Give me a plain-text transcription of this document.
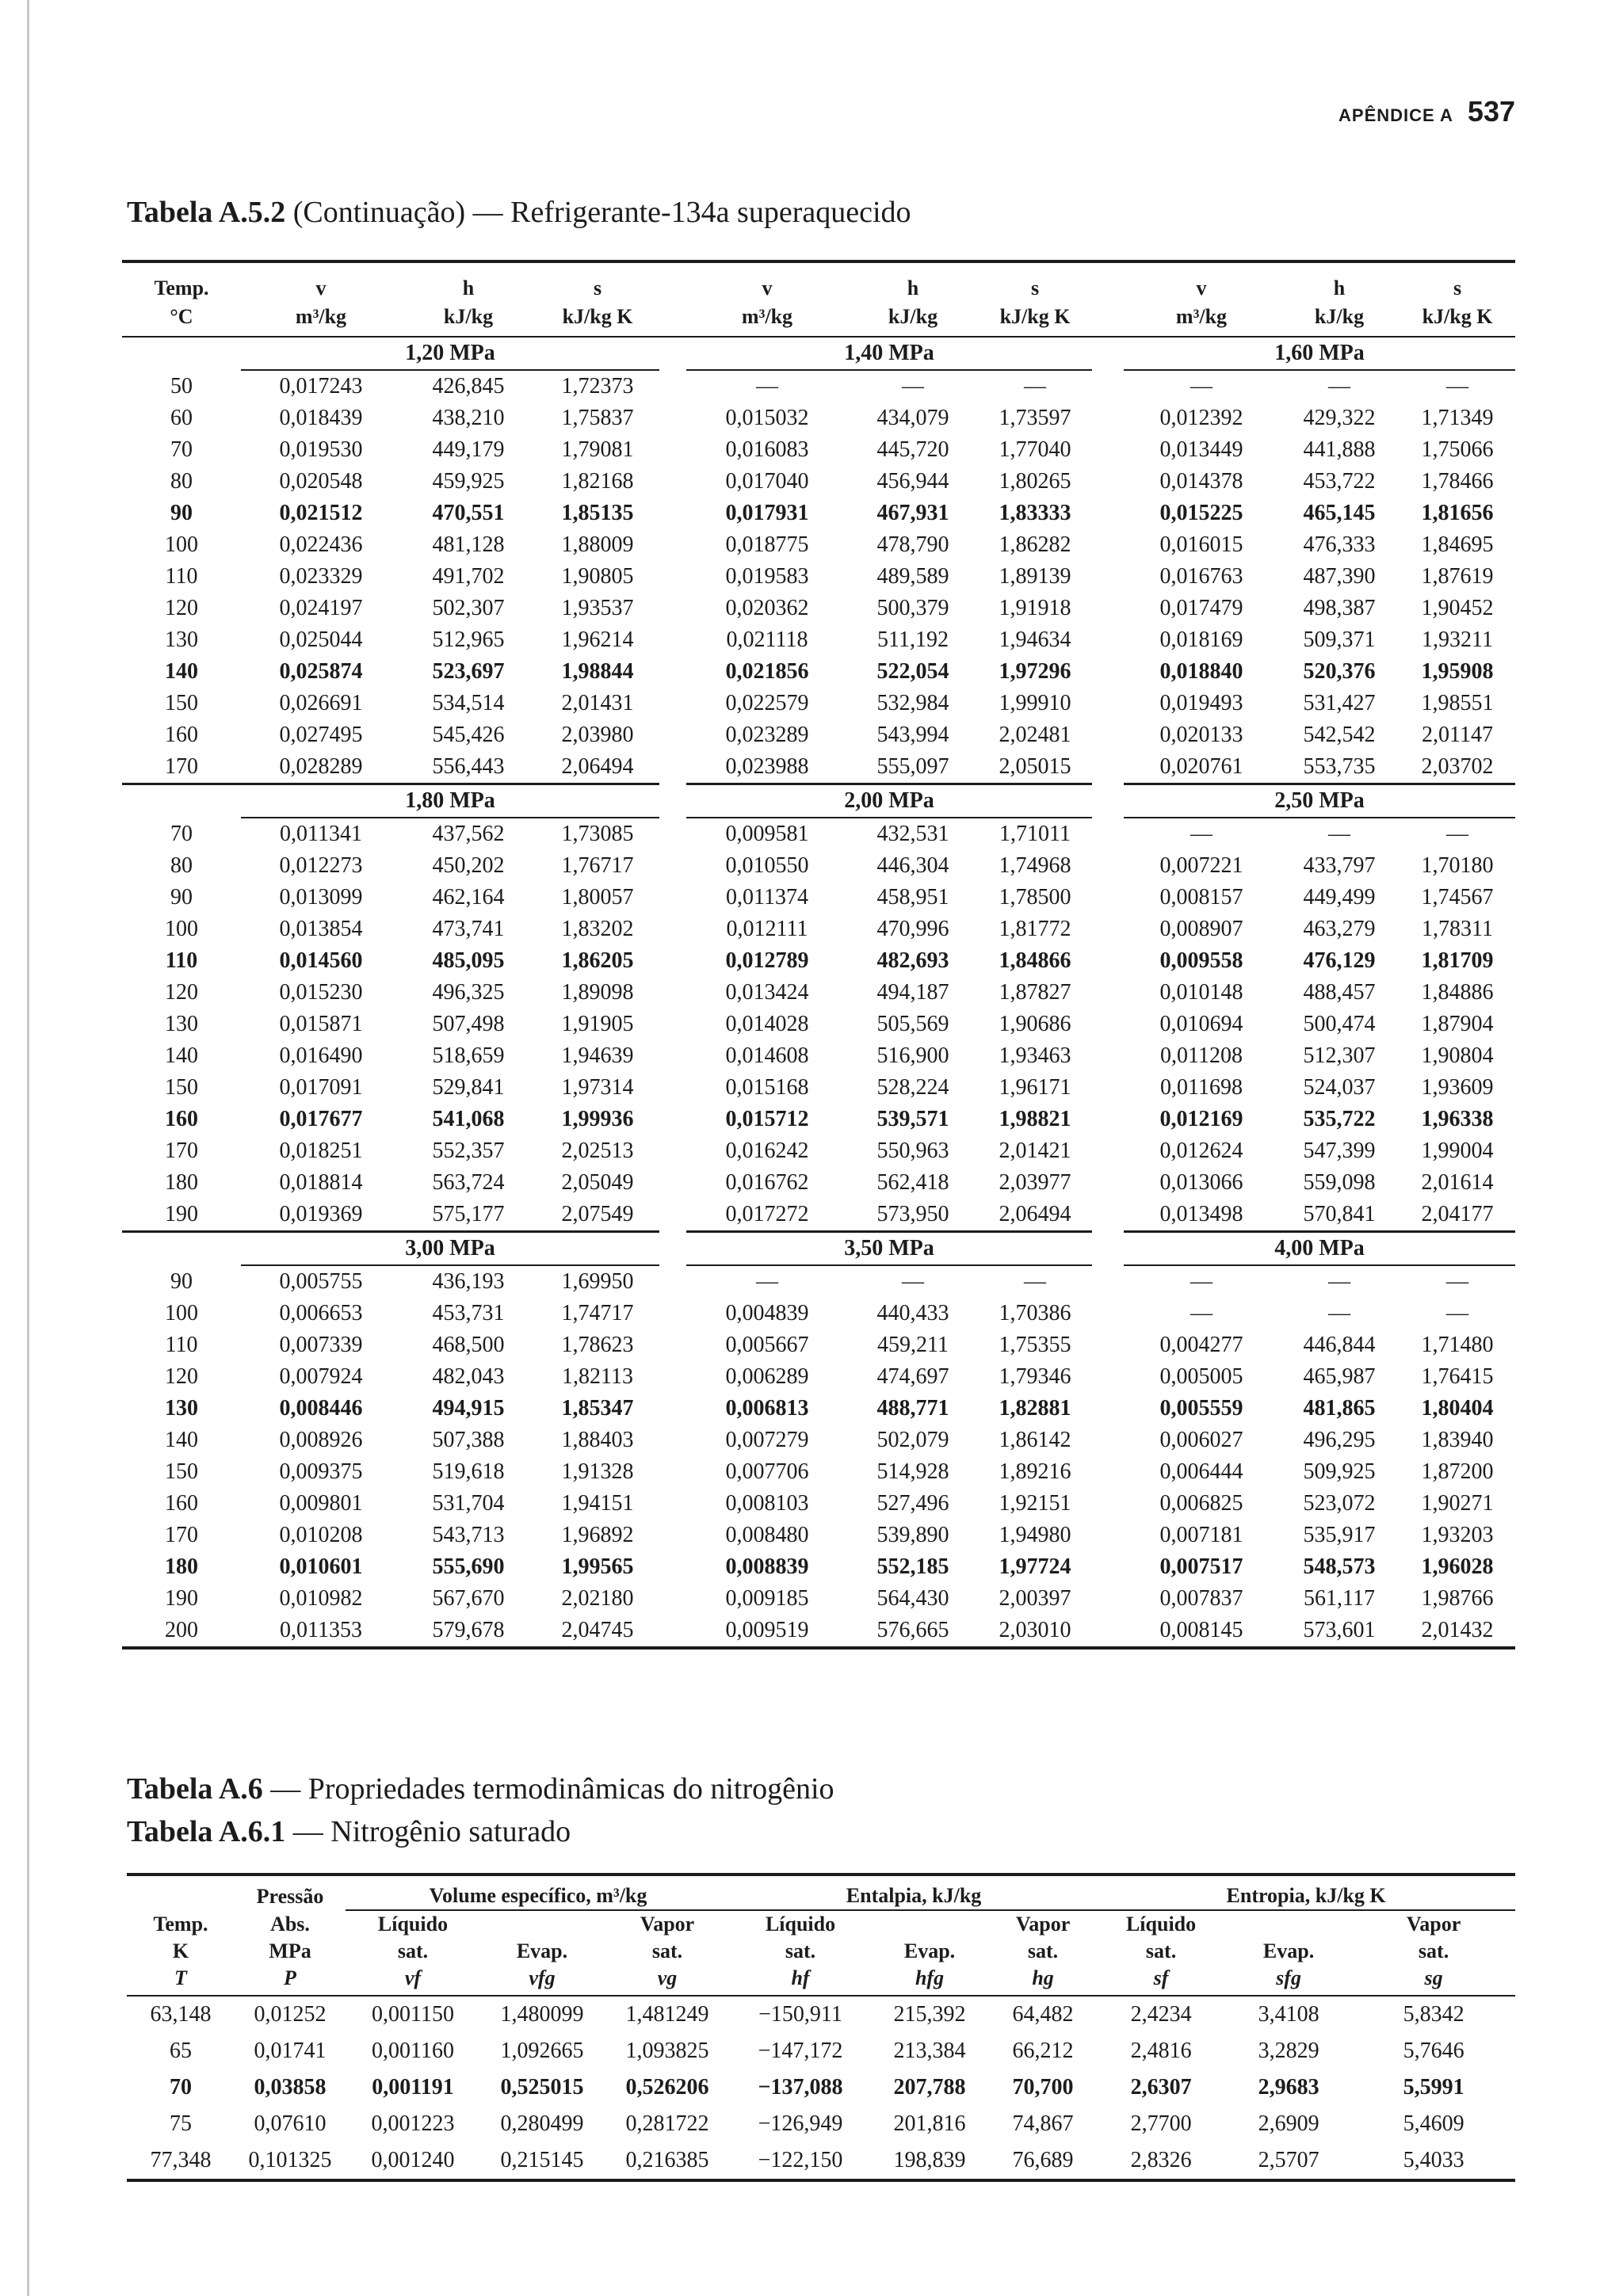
APÊNDICE A 537
Tabela A.5.2 (Continuação) — Refrigerante-134a superaquecido
Temp.	v	h	s		v	h	s		v	h	s
°C	m³/kg	kJ/kg	kJ/kg K		m³/kg	kJ/kg	kJ/kg K		m³/kg	kJ/kg	kJ/kg K
	1,20 MPa				1,40 MPa				1,60 MPa		
50	0,017243	426,845	1,72373		—	—	—		—	—	—
60	0,018439	438,210	1,75837		0,015032	434,079	1,73597		0,012392	429,322	1,71349
70	0,019530	449,179	1,79081		0,016083	445,720	1,77040		0,013449	441,888	1,75066
80	0,020548	459,925	1,82168		0,017040	456,944	1,80265		0,014378	453,722	1,78466
90	0,021512	470,551	1,85135		0,017931	467,931	1,83333		0,015225	465,145	1,81656
100	0,022436	481,128	1,88009		0,018775	478,790	1,86282		0,016015	476,333	1,84695
110	0,023329	491,702	1,90805		0,019583	489,589	1,89139		0,016763	487,390	1,87619
120	0,024197	502,307	1,93537		0,020362	500,379	1,91918		0,017479	498,387	1,90452
130	0,025044	512,965	1,96214		0,021118	511,192	1,94634		0,018169	509,371	1,93211
140	0,025874	523,697	1,98844		0,021856	522,054	1,97296		0,018840	520,376	1,95908
150	0,026691	534,514	2,01431		0,022579	532,984	1,99910		0,019493	531,427	1,98551
160	0,027495	545,426	2,03980		0,023289	543,994	2,02481		0,020133	542,542	2,01147
170	0,028289	556,443	2,06494		0,023988	555,097	2,05015		0,020761	553,735	2,03702
	1,80 MPa				2,00 MPa				2,50 MPa		
70	0,011341	437,562	1,73085		0,009581	432,531	1,71011		—	—	—
80	0,012273	450,202	1,76717		0,010550	446,304	1,74968		0,007221	433,797	1,70180
90	0,013099	462,164	1,80057		0,011374	458,951	1,78500		0,008157	449,499	1,74567
100	0,013854	473,741	1,83202		0,012111	470,996	1,81772		0,008907	463,279	1,78311
110	0,014560	485,095	1,86205		0,012789	482,693	1,84866		0,009558	476,129	1,81709
120	0,015230	496,325	1,89098		0,013424	494,187	1,87827		0,010148	488,457	1,84886
130	0,015871	507,498	1,91905		0,014028	505,569	1,90686		0,010694	500,474	1,87904
140	0,016490	518,659	1,94639		0,014608	516,900	1,93463		0,011208	512,307	1,90804
150	0,017091	529,841	1,97314		0,015168	528,224	1,96171		0,011698	524,037	1,93609
160	0,017677	541,068	1,99936		0,015712	539,571	1,98821		0,012169	535,722	1,96338
170	0,018251	552,357	2,02513		0,016242	550,963	2,01421		0,012624	547,399	1,99004
180	0,018814	563,724	2,05049		0,016762	562,418	2,03977		0,013066	559,098	2,01614
190	0,019369	575,177	2,07549		0,017272	573,950	2,06494		0,013498	570,841	2,04177
	3,00 MPa				3,50 MPa				4,00 MPa		
90	0,005755	436,193	1,69950		—	—	—		—	—	—
100	0,006653	453,731	1,74717		0,004839	440,433	1,70386		—	—	—
110	0,007339	468,500	1,78623		0,005667	459,211	1,75355		0,004277	446,844	1,71480
120	0,007924	482,043	1,82113		0,006289	474,697	1,79346		0,005005	465,987	1,76415
130	0,008446	494,915	1,85347		0,006813	488,771	1,82881		0,005559	481,865	1,80404
140	0,008926	507,388	1,88403		0,007279	502,079	1,86142		0,006027	496,295	1,83940
150	0,009375	519,618	1,91328		0,007706	514,928	1,89216		0,006444	509,925	1,87200
160	0,009801	531,704	1,94151		0,008103	527,496	1,92151		0,006825	523,072	1,90271
170	0,010208	543,713	1,96892		0,008480	539,890	1,94980		0,007181	535,917	1,93203
180	0,010601	555,690	1,99565		0,008839	552,185	1,97724		0,007517	548,573	1,96028
190	0,010982	567,670	2,02180		0,009185	564,430	2,00397		0,007837	561,117	1,98766
200	0,011353	579,678	2,04745		0,009519	576,665	2,03010		0,008145	573,601	2,01432
Tabela A.6 — Propriedades termodinâmicas do nitrogênio
Tabela A.6.1 — Nitrogênio saturado
	Pressão	Volume específico, m³/kg			Entalpia, kJ/kg			Entropia, kJ/kg K		
Temp.	Abs.	Líquido		Vapor	Líquido		Vapor	Líquido		Vapor
K	MPa	sat.	Evap.	sat.	sat.	Evap.	sat.	sat.	Evap.	sat.
T	P	vf	vfg	vg	hf	hfg	hg	sf	sfg	sg
63,148	0,01252	0,001150	1,480099	1,481249	−150,911	215,392	64,482	2,4234	3,4108	5,8342
65	0,01741	0,001160	1,092665	1,093825	−147,172	213,384	66,212	2,4816	3,2829	5,7646
70	0,03858	0,001191	0,525015	0,526206	−137,088	207,788	70,700	2,6307	2,9683	5,5991
75	0,07610	0,001223	0,280499	0,281722	−126,949	201,816	74,867	2,7700	2,6909	5,4609
77,348	0,101325	0,001240	0,215145	0,216385	−122,150	198,839	76,689	2,8326	2,5707	5,4033
